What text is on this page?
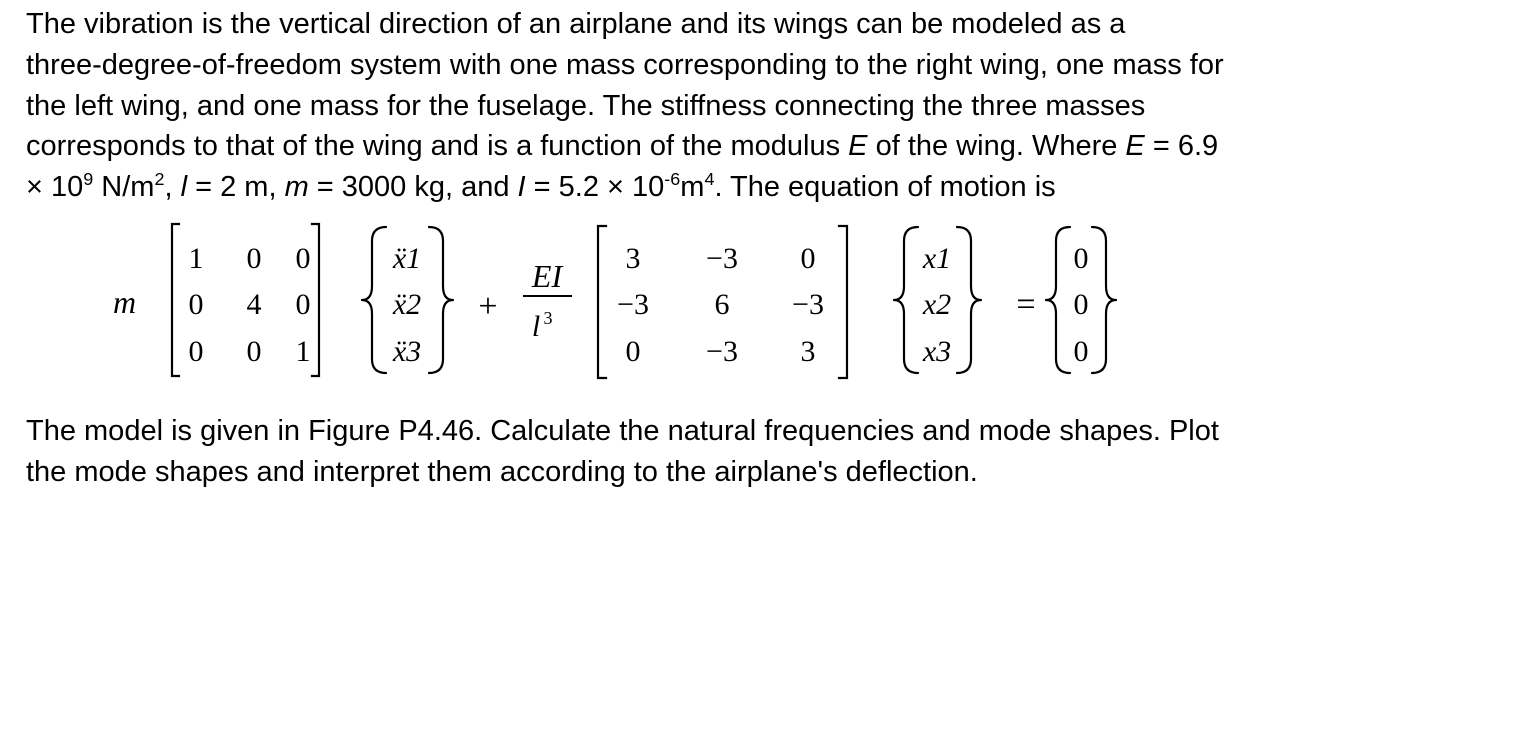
The vibration is the vertical direction of an airplane and its wings can be modeled as a
three-degree-of-freedom system with one mass corresponding to the right wing, one mass for
the left wing, and one mass for the fuselage. The stiffness connecting the three masses
corresponds to that of the wing and is a function of the modulus E of the wing. Where E = 6.9
× $10^9$ $N/m^2$, l = 2 m, m = 3000 kg, and $I = 5.2 \times 10^{-6}m^4$. The equation of motion is
m
1 0 0
0 4 0
0 0 1
ẍ1
ẍ2
ẍ3
+
EI
l 3
3 −3 0
−3 6 −3
0 −3 3
x1
x2
x3
=
0
0
0
The model is given in Figure P4.46. Calculate the natural frequencies and mode shapes. Plot
the mode shapes and interpret them according to the airplane's deflection.
